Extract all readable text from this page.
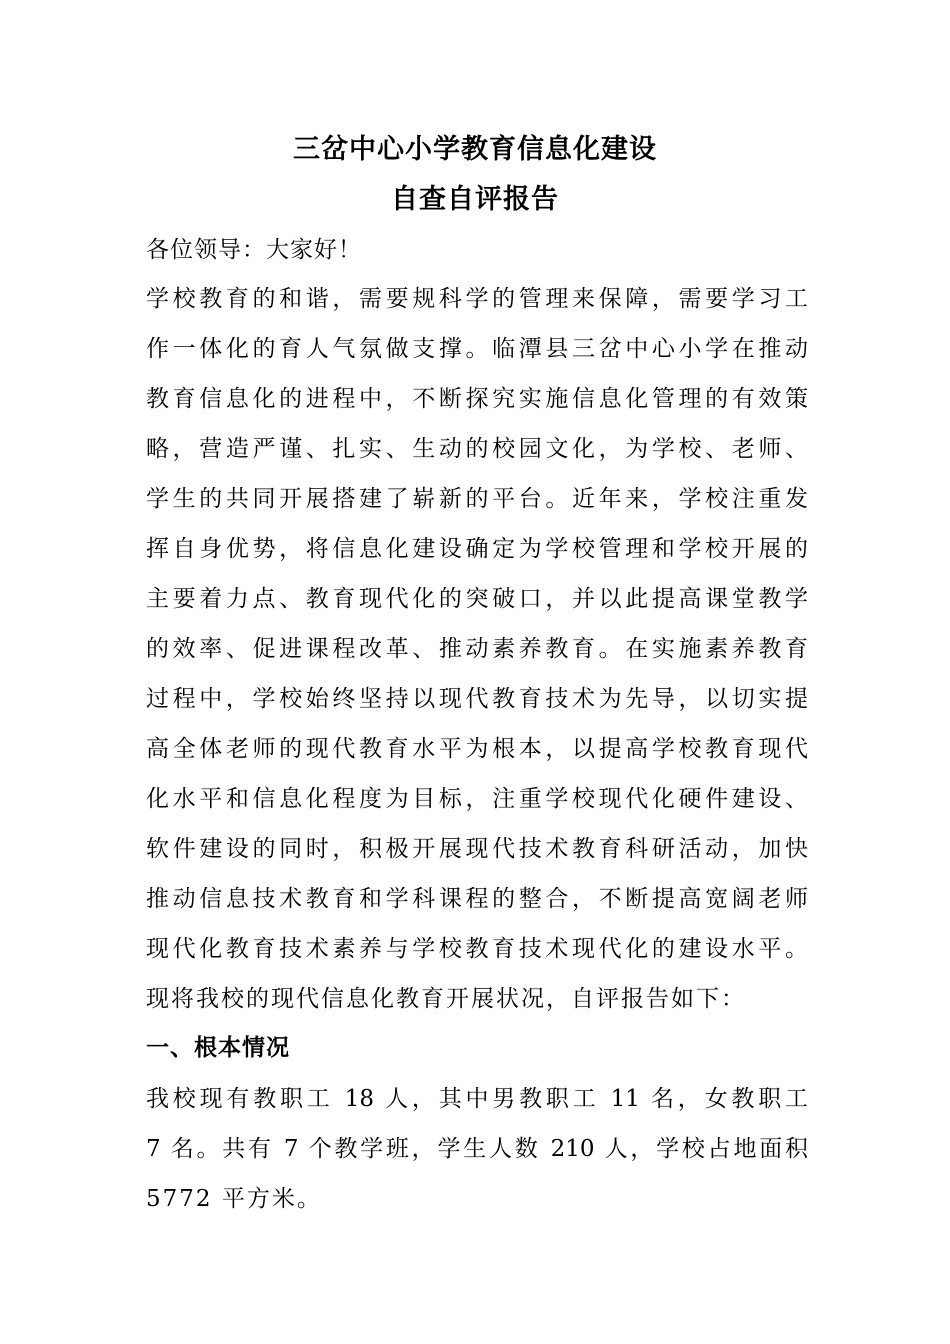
三岔中心小学教育信息化建设
自查自评报告
各位领导：大家好！
学校教育的和谐，需要规科学的管理来保障，需要学习工
作一体化的育人气氛做支撑。临潭县三岔中心小学在推动
教育信息化的进程中，不断探究实施信息化管理的有效策
略，营造严谨、扎实、生动的校园文化，为学校、老师、
学生的共同开展搭建了崭新的平台。近年来，学校注重发
挥自身优势，将信息化建设确定为学校管理和学校开展的
主要着力点、教育现代化的突破口，并以此提高课堂教学
的效率、促进课程改革、推动素养教育。在实施素养教育
过程中，学校始终坚持以现代教育技术为先导，以切实提
高全体老师的现代教育水平为根本，以提高学校教育现代
化水平和信息化程度为目标，注重学校现代化硬件建设、
软件建设的同时，积极开展现代技术教育科研活动，加快
推动信息技术教育和学科课程的整合，不断提高宽阔老师
现代化教育技术素养与学校教育技术现代化的建设水平。
现将我校的现代信息化教育开展状况，自评报告如下：
一、根本情况
我校现有教职工 18 人，其中男教职工 11 名，女教职工
7 名。共有 7 个教学班，学生人数 210 人，学校占地面积
5772 平方米。
